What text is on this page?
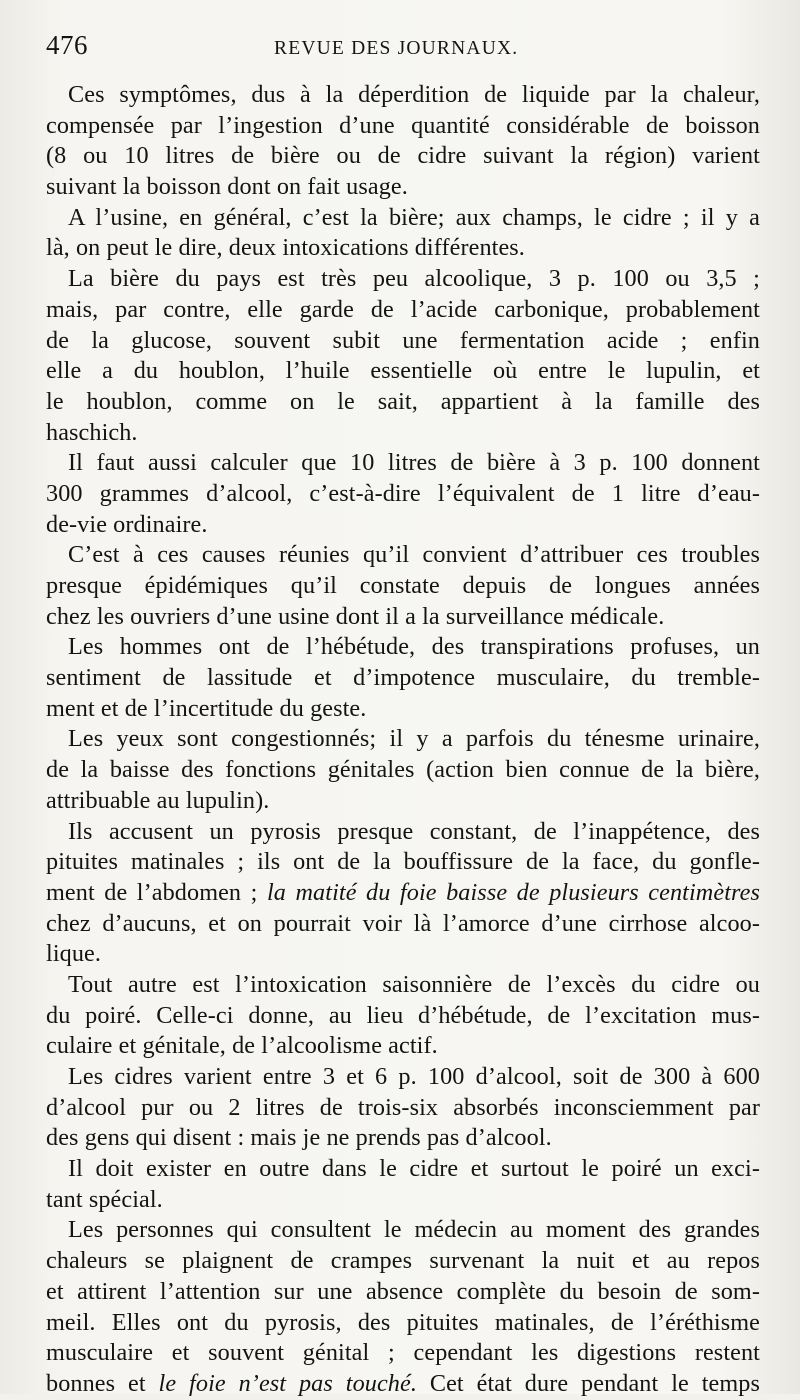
476	REVUE DES JOURNAUX.
Ces symptômes, dus à la déperdition de liquide par la chaleur,
compensée par l’ingestion d’une quantité considérable de boisson
(8 ou 10 litres de bière ou de cidre suivant la région) varient
suivant la boisson dont on fait usage.
A l’usine, en général, c’est la bière; aux champs, le cidre ; il y a
là, on peut le dire, deux intoxications différentes.
La bière du pays est très peu alcoolique, 3 p. 100 ou 3,5 ;
mais, par contre, elle garde de l’acide carbonique, probablement
de la glucose, souvent subit une fermentation acide ; enfin
elle a du houblon, l’huile essentielle où entre le lupulin, et
le houblon, comme on le sait, appartient à la famille des
haschich.
Il faut aussi calculer que 10 litres de bière à 3 p. 100 donnent
300 grammes d’alcool, c’est-à-dire l’équivalent de 1 litre d’eau-
de-vie ordinaire.
C’est à ces causes réunies qu’il convient d’attribuer ces troubles
presque épidémiques qu’il constate depuis de longues années
chez les ouvriers d’une usine dont il a la surveillance médicale.
Les hommes ont de l’hébétude, des transpirations profuses, un
sentiment de lassitude et d’impotence musculaire, du tremble-
ment et de l’incertitude du geste.
Les yeux sont congestionnés; il y a parfois du ténesme urinaire,
de la baisse des fonctions génitales (action bien connue de la bière,
attribuable au lupulin).
Ils accusent un pyrosis presque constant, de l’inappétence, des
pituites matinales ; ils ont de la bouffissure de la face, du gonfle-
ment de l’abdomen ; la matité du foie baisse de plusieurs centimètres
chez d’aucuns, et on pourrait voir là l’amorce d’une cirrhose alcoo-
lique.
Tout autre est l’intoxication saisonnière de l’excès du cidre ou
du poiré. Celle-ci donne, au lieu d’hébétude, de l’excitation mus-
culaire et génitale, de l’alcoolisme actif.
Les cidres varient entre 3 et 6 p. 100 d’alcool, soit de 300 à 600
d’alcool pur ou 2 litres de trois-six absorbés inconsciemment par
des gens qui disent : mais je ne prends pas d’alcool.
Il doit exister en outre dans le cidre et surtout le poiré un exci-
tant spécial.
Les personnes qui consultent le médecin au moment des grandes
chaleurs se plaignent de crampes survenant la nuit et au repos
et attirent l’attention sur une absence complète du besoin de som-
meil. Elles ont du pyrosis, des pituites matinales, de l’éréthisme
musculaire et souvent génital ; cependant les digestions restent
bonnes et le foie n’est pas touché. Cet état dure pendant le temps
